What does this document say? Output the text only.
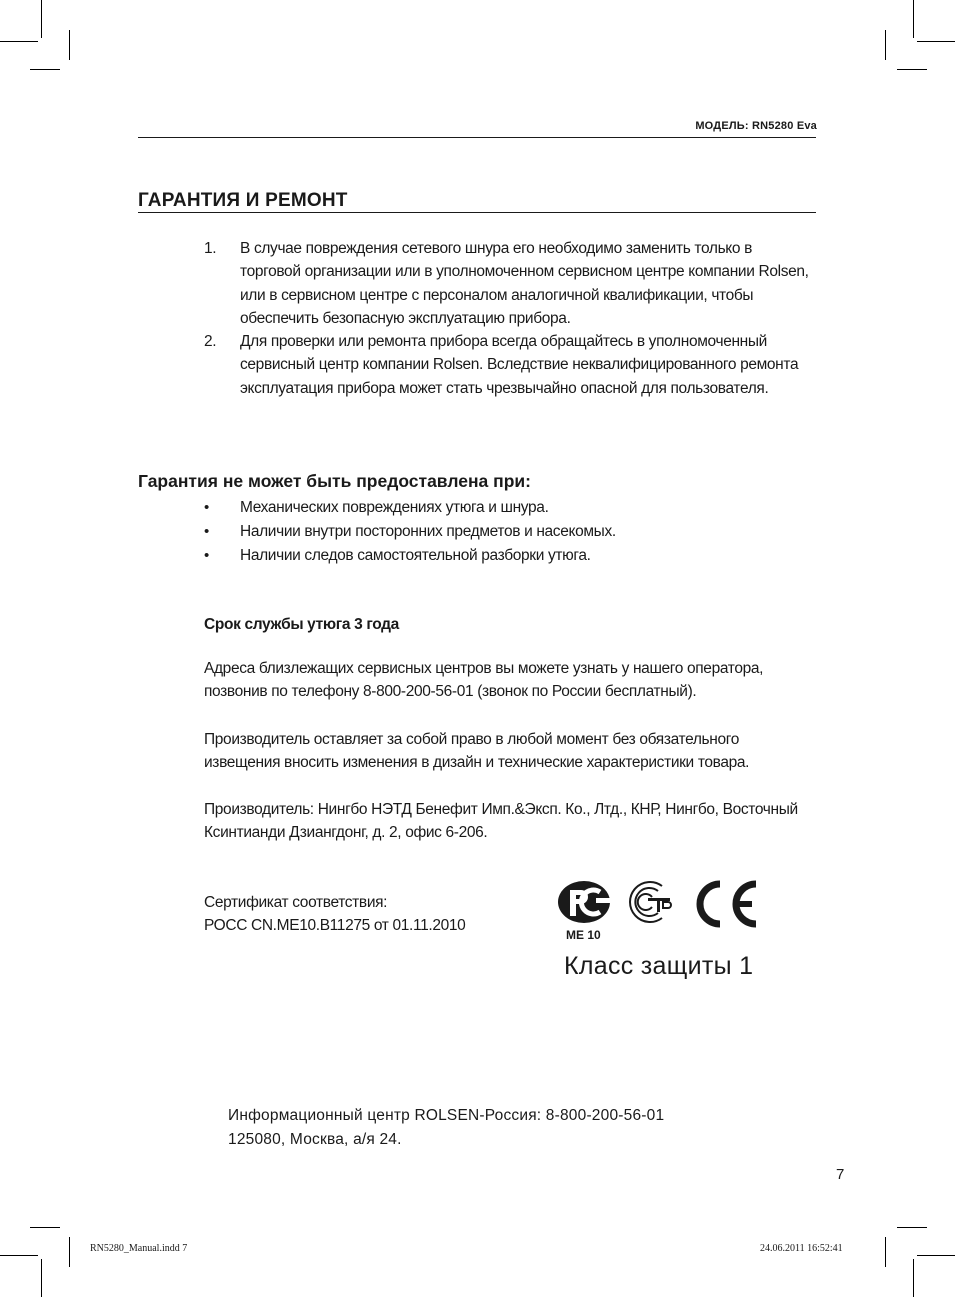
МОДЕЛЬ: RN5280 Eva
ГАРАНТИЯ И РЕМОНТ
1. В случае повреждения сетевого шнура его необходимо заменить только в торговой организации или в уполномоченном сервисном центре компании Rolsen, или в сервисном центре с персоналом аналогичной квалификации, чтобы обеспечить безопасную эксплуатацию прибора.
2. Для проверки или ремонта прибора всегда обращайтесь в уполномоченный сервисный центр компании Rolsen. Вследствие неквалифицированного ремонта эксплуатация прибора может стать чрезвычайно опасной для пользователя.
Гарантия не может быть предоставлена при:
• Механических повреждениях утюга и шнура.
• Наличии внутри посторонних предметов и насекомых.
• Наличии следов самостоятельной разборки утюга.
Срок службы утюга 3 года
Адреса близлежащих сервисных центров вы можете узнать у нашего оператора, позвонив по телефону 8-800-200-56-01 (звонок по России бесплатный).
Производитель оставляет за собой право в любой момент без обязательного извещения вносить изменения в дизайн и технические характеристики товара.
Производитель: Нингбо НЭТД Бенефит Имп.&Эксп. Ко., Лтд., КНР, Нингбо, Восточный Ксинтианди Дзиангдонг, д. 2, офис 6-206.
Сертификат соответствия:
РОСС CN.ME10.B11275 от 01.11.2010
ME 10
Класс защиты 1
Информационный центр ROLSEN-Россия: 8-800-200-56-01
125080, Москва, а/я 24.
7
RN5280_Manual.indd 7	24.06.2011 16:52:41
